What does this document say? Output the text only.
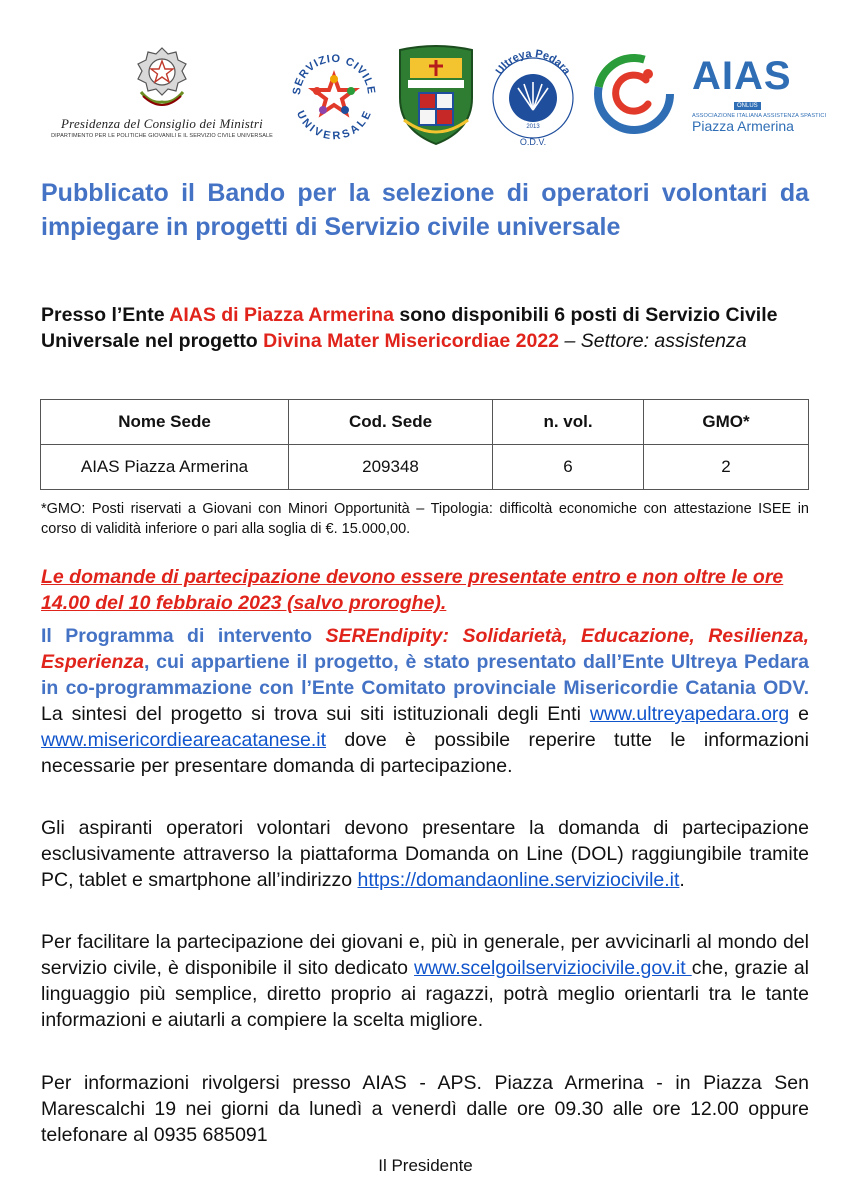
Presidenza del Consiglio dei Ministri
DIPARTIMENTO PER LE POLITICHE GIOVANILI E IL SERVIZIO CIVILE UNIVERSALE
SERVIZIO CIVILE
UNIVERSALE
Ultreya Pedara
2013
O.D.V.
AIAS
ONLUS
ASSOCIAZIONE ITALIANA ASSISTENZA SPASTICI
Piazza Armerina
Pubblicato il Bando per la selezione di operatori volontari da impiegare in progetti di Servizio civile universale
Presso l’Ente AIAS di Piazza Armerina sono disponibili 6 posti di Servizio Civile Universale nel progetto Divina Mater Misericordiae 2022 – Settore: assistenza
Nome Sede	Cod. Sede	n. vol.	GMO*
AIAS Piazza Armerina	209348	6	2
*GMO: Posti riservati a Giovani con Minori Opportunità – Tipologia: difficoltà economiche con attestazione ISEE in corso di validità inferiore o pari alla soglia di €. 15.000,00.
Le domande di partecipazione devono essere presentate entro e non oltre le ore 14.00 del 10 febbraio 2023 (salvo proroghe).
Il Programma di intervento SEREndipity: Solidarietà, Educazione, Resilienza, Esperienza, cui appartiene il progetto, è stato presentato dall’Ente Ultreya Pedara in co-programmazione con l’Ente Comitato provinciale Misericordie Catania ODV. La sintesi del progetto si trova sui siti istituzionali degli Enti www.ultreyapedara.org e www.misericordieareacatanese.it dove è possibile reperire tutte le informazioni necessarie per presentare domanda di partecipazione.
Gli aspiranti operatori volontari devono presentare la domanda di partecipazione esclusivamente attraverso la piattaforma Domanda on Line (DOL) raggiungibile tramite PC, tablet e smartphone all’indirizzo https://domandaonline.serviziocivile.it.
Per facilitare la partecipazione dei giovani e, più in generale, per avvicinarli al mondo del servizio civile, è disponibile il sito dedicato www.scelgoilserviziocivile.gov.it che, grazie al linguaggio più semplice, diretto proprio ai ragazzi, potrà meglio orientarli tra le tante informazioni e aiutarli a compiere la scelta migliore.
Per informazioni rivolgersi presso AIAS - APS. Piazza Armerina - in Piazza Sen Marescalchi 19 nei giorni da lunedì a venerdì dalle ore 09.30 alle ore 12.00 oppure telefonare al 0935 685091
Il Presidente
